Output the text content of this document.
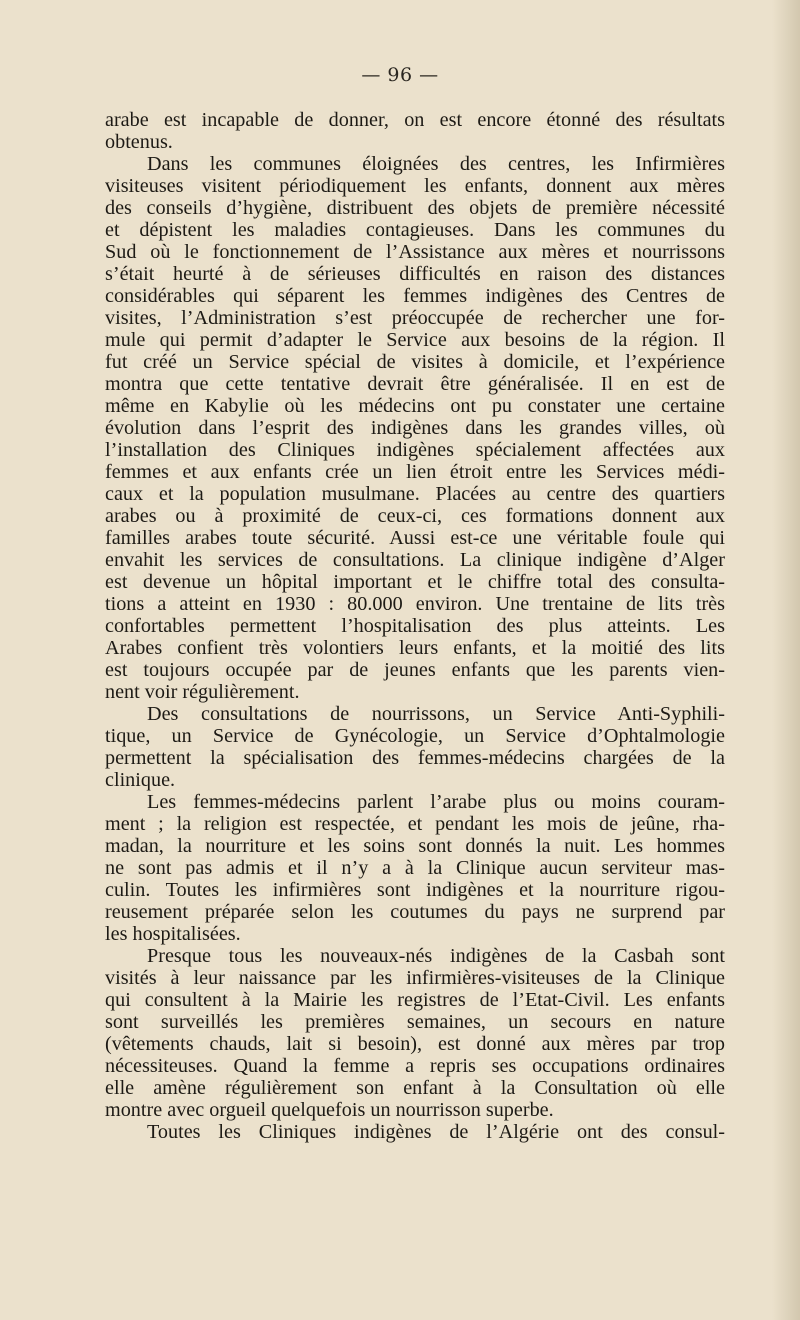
— 96 —
arabe est incapable de donner, on est encore étonné des résultats
obtenus.
Dans les communes éloignées des centres, les Infirmières
visiteuses visitent périodiquement les enfants, donnent aux mères
des conseils d’hygiène, distribuent des objets de première nécessité
et dépistent les maladies contagieuses. Dans les communes du
Sud où le fonctionnement de l’Assistance aux mères et nourrissons
s’était heurté à de sérieuses difficultés en raison des distances
considérables qui séparent les femmes indigènes des Centres de
visites, l’Administration s’est préoccupée de rechercher une for-
mule qui permit d’adapter le Service aux besoins de la région. Il
fut créé un Service spécial de visites à domicile, et l’expérience
montra que cette tentative devrait être généralisée. Il en est de
même en Kabylie où les médecins ont pu constater une certaine
évolution dans l’esprit des indigènes dans les grandes villes, où
l’installation des Cliniques indigènes spécialement affectées aux
femmes et aux enfants crée un lien étroit entre les Services médi-
caux et la population musulmane. Placées au centre des quartiers
arabes ou à proximité de ceux-ci, ces formations donnent aux
familles arabes toute sécurité. Aussi est-ce une véritable foule qui
envahit les services de consultations. La clinique indigène d’Alger
est devenue un hôpital important et le chiffre total des consulta-
tions a atteint en 1930 : 80.000 environ. Une trentaine de lits très
confortables permettent l’hospitalisation des plus atteints. Les
Arabes confient très volontiers leurs enfants, et la moitié des lits
est toujours occupée par de jeunes enfants que les parents vien-
nent voir régulièrement.
Des consultations de nourrissons, un Service Anti-Syphili-
tique, un Service de Gynécologie, un Service d’Ophtalmologie
permettent la spécialisation des femmes-médecins chargées de la
clinique.
Les femmes-médecins parlent l’arabe plus ou moins couram-
ment ; la religion est respectée, et pendant les mois de jeûne, rha-
madan, la nourriture et les soins sont donnés la nuit. Les hommes
ne sont pas admis et il n’y a à la Clinique aucun serviteur mas-
culin. Toutes les infirmières sont indigènes et la nourriture rigou-
reusement préparée selon les coutumes du pays ne surprend par
les hospitalisées.
Presque tous les nouveaux-nés indigènes de la Casbah sont
visités à leur naissance par les infirmières-visiteuses de la Clinique
qui consultent à la Mairie les registres de l’Etat-Civil. Les enfants
sont surveillés les premières semaines, un secours en nature
(vêtements chauds, lait si besoin), est donné aux mères par trop
nécessiteuses. Quand la femme a repris ses occupations ordinaires
elle amène régulièrement son enfant à la Consultation où elle
montre avec orgueil quelquefois un nourrisson superbe.
Toutes les Cliniques indigènes de l’Algérie ont des consul-
